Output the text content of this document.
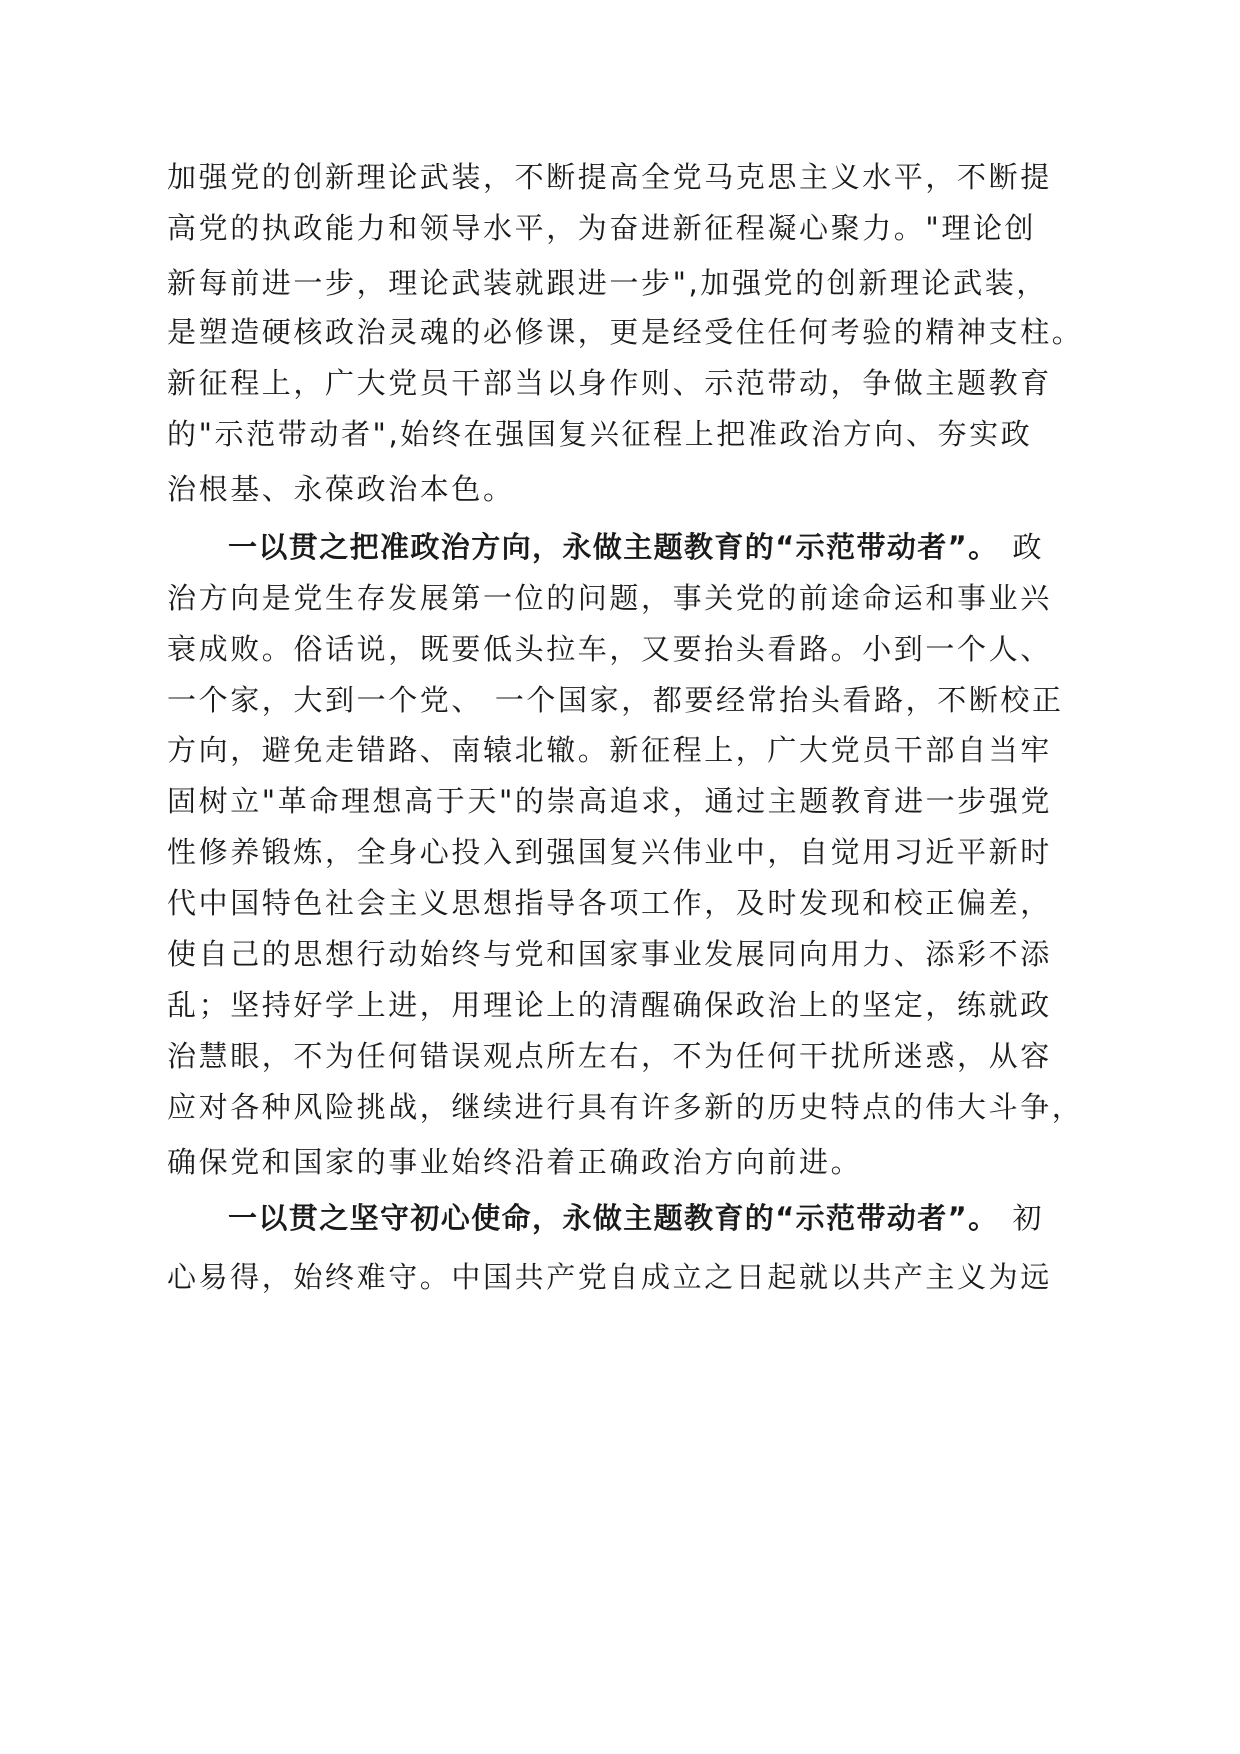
加强党的创新理论武装，不断提高全党马克思主义水平，不断提
高党的执政能力和领导水平，为奋进新征程凝心聚力。"理论创
新每前进一步，理论武装就跟进一步",加强党的创新理论武装，
是塑造硬核政治灵魂的必修课，更是经受住任何考验的精神支柱。
新征程上，广大党员干部当以身作则、示范带动，争做主题教育
的"示范带动者",始终在强国复兴征程上把准政治方向、夯实政
治根基、永葆政治本色。
一以贯之把准政治方向，永做主题教育的“示范带动者”。 政
治方向是党生存发展第一位的问题，事关党的前途命运和事业兴
衰成败。俗话说，既要低头拉车，又要抬头看路。小到一个人、
一个家，大到一个党、 一个国家，都要经常抬头看路，不断校正
方向，避免走错路、南辕北辙。新征程上，广大党员干部自当牢
固树立"革命理想高于天"的崇高追求，通过主题教育进一步强党
性修养锻炼，全身心投入到强国复兴伟业中，自觉用习近平新时
代中国特色社会主义思想指导各项工作，及时发现和校正偏差，
使自己的思想行动始终与党和国家事业发展同向用力、添彩不添
乱；坚持好学上进，用理论上的清醒确保政治上的坚定，练就政
治慧眼，不为任何错误观点所左右，不为任何干扰所迷惑，从容
应对各种风险挑战，继续进行具有许多新的历史特点的伟大斗争，
确保党和国家的事业始终沿着正确政治方向前进。
一以贯之坚守初心使命，永做主题教育的“示范带动者”。 初
心易得，始终难守。中国共产党自成立之日起就以共产主义为远
